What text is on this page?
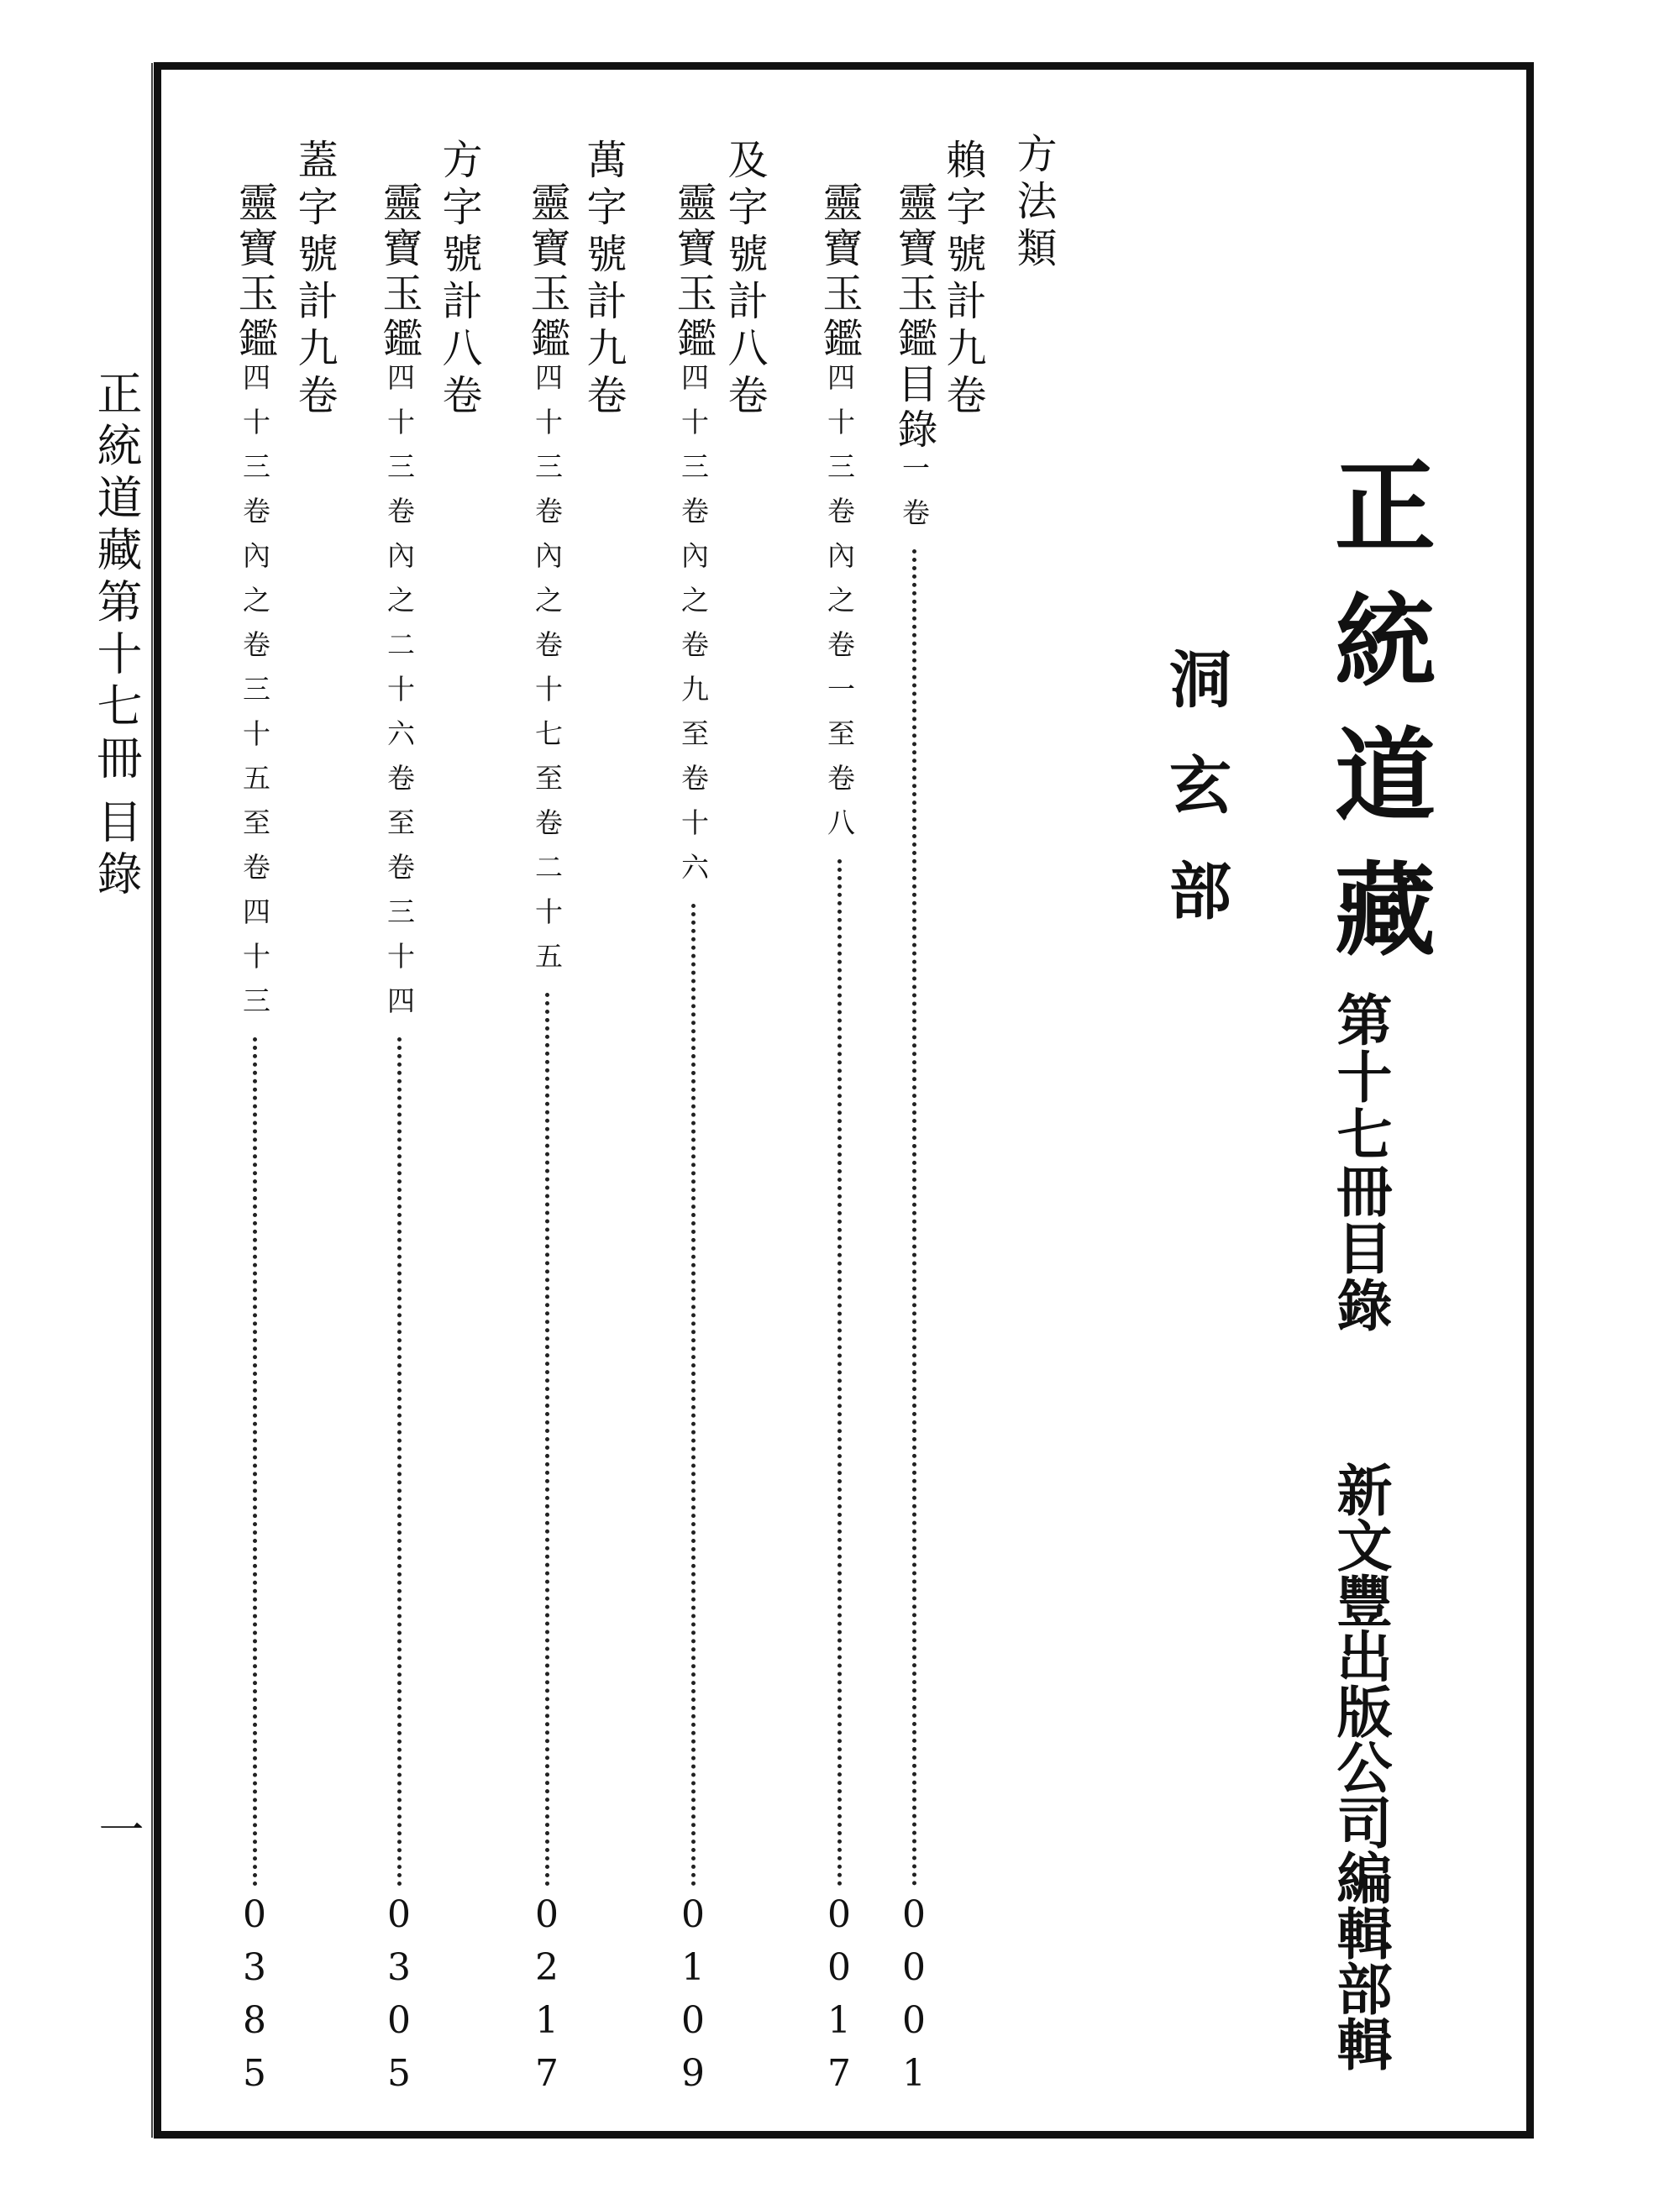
正統道藏第十七冊
目錄
一
正統道藏
第十七冊目錄
新文豐出版公司編輯部輯
洞玄部
方法類
賴字號計九卷
靈寶玉鑑目錄一卷
0001
及字號計八卷 靈寶玉鑑四十三卷內之卷一至卷八
0017
靈寶玉鑑四十三卷內之卷九至卷十六
0109
萬字號計九卷
靈寶玉鑑四十三卷內之卷十七至卷二十五
0217
方字號計八卷
靈寶玉鑑四十三卷內之二十六卷至卷三十四
0305
蓋字號計九卷
靈寶玉鑑四十三卷內之卷三十五至卷四十三
0385
